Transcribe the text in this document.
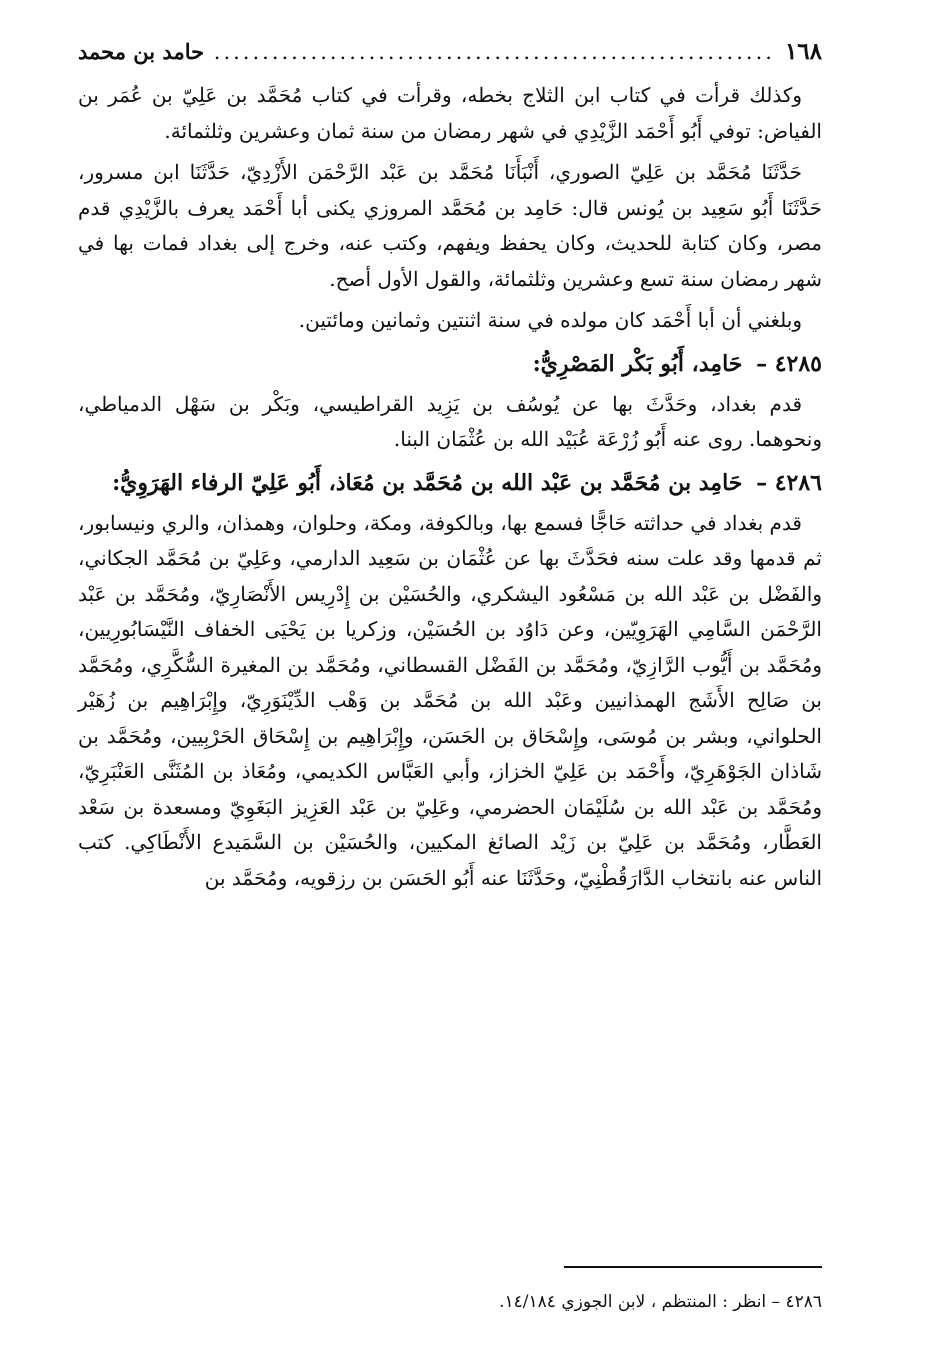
١٦٨
..........................................................
حامد بن محمد

وكذلك قرأت في كتاب ابن الثلاج بخطه، وقرأت في كتاب مُحَمَّد بن عَلِيّ بن عُمَر بن الفياض: توفي أَبُو أَحْمَد الزَّيْدِي في شهر رمضان من سنة ثمان وعشرين وثلثمائة.

حَدَّثَنَا مُحَمَّد بن عَلِيّ الصوري، أَنْبَأَنَا مُحَمَّد بن عَبْد الرَّحْمَن الأَزْدِيّ، حَدَّثَنَا ابن مسرور، حَدَّثَنَا أَبُو سَعِيد بن يُونس قال: حَامِد بن مُحَمَّد المروزي يكنى أبا أَحْمَد يعرف بالزَّيْدِي قدم مصر، وكان كتابة للحديث، وكان يحفظ ويفهم، وكتب عنه، وخرج إلى بغداد فمات بها في شهر رمضان سنة تسع وعشرين وثلثمائة، والقول الأول أصح.

وبلغني أن أبا أَحْمَد كان مولده في سنة اثنتين وثمانين ومائتين.

٤٢٨٥ – حَامِد، أَبُو بَكْر المَصْرِيُّ:

قدم بغداد، وحَدَّثَ بها عن يُوسُف بن يَزِيد القراطيسي، وبَكْر بن سَهْل الدمياطي، ونحوهما. روى عنه أَبُو زُرْعَة عُبَيْد الله بن عُثْمَان البنا.

٤٢٨٦ – حَامِد بن مُحَمَّد بن عَبْد الله بن مُحَمَّد بن مُعَاذ، أَبُو عَلِيّ الرفاء الهَرَوِيُّ:

قدم بغداد في حداثته حَاجًّا فسمع بها، وبالكوفة، ومكة، وحلوان، وهمذان، والري ونيسابور، ثم قدمها وقد علت سنه فحَدَّثَ بها عن عُثْمَان بن سَعِيد الدارمي، وعَلِيّ بن مُحَمَّد الجكاني، والفَضْل بن عَبْد الله بن مَسْعُود اليشكري، والحُسَيْن بن إِدْرِيس الأَنْصَارِيّ، ومُحَمَّد بن عَبْد الرَّحْمَن السَّامِي الهَرَوِيّين، وعن دَاوُد بن الحُسَيْن، وزكريا بن يَحْيَى الخفاف النَّيْسَابُورِيين، ومُحَمَّد بن أَيُّوب الرَّازِيّ، ومُحَمَّد بن الفَضْل القسطاني، ومُحَمَّد بن المغيرة السُّكَّرِي، ومُحَمَّد بن صَالِح الأَشَج الهمذانيين وعَبْد الله بن مُحَمَّد بن وَهْب الدِّيْنَوَرِيّ، وإِبْرَاهِيم بن زُهَيْر الحلواني، وبشر بن مُوسَى، وإِسْحَاق بن الحَسَن، وإِبْرَاهِيم بن إِسْحَاق الحَرْبِيين، ومُحَمَّد بن شَاذان الجَوْهَرِيّ، وأَحْمَد بن عَلِيّ الخزاز، وأبي العَبَّاس الكديمي، ومُعَاذ بن المُثَنَّى العَنْبَرِيّ، ومُحَمَّد بن عَبْد الله بن سُلَيْمَان الحضرمي، وعَلِيّ بن عَبْد العَزِيز البَغَوِيّ ومسعدة بن سَعْد العَطَّار، ومُحَمَّد بن عَلِيّ بن زَيْد الصائغ المكيين، والحُسَيْن بن السَّمَيدع الأَنْطَاكِي. كتب الناس عنه بانتخاب الدَّارَقُطْنِيّ، وحَدَّثَنَا عنه أَبُو الحَسَن بن رزقويه، ومُحَمَّد بن

٤٢٨٦ – انظر : المنتظم ، لابن الجوزي ١٤/١٨٤.
